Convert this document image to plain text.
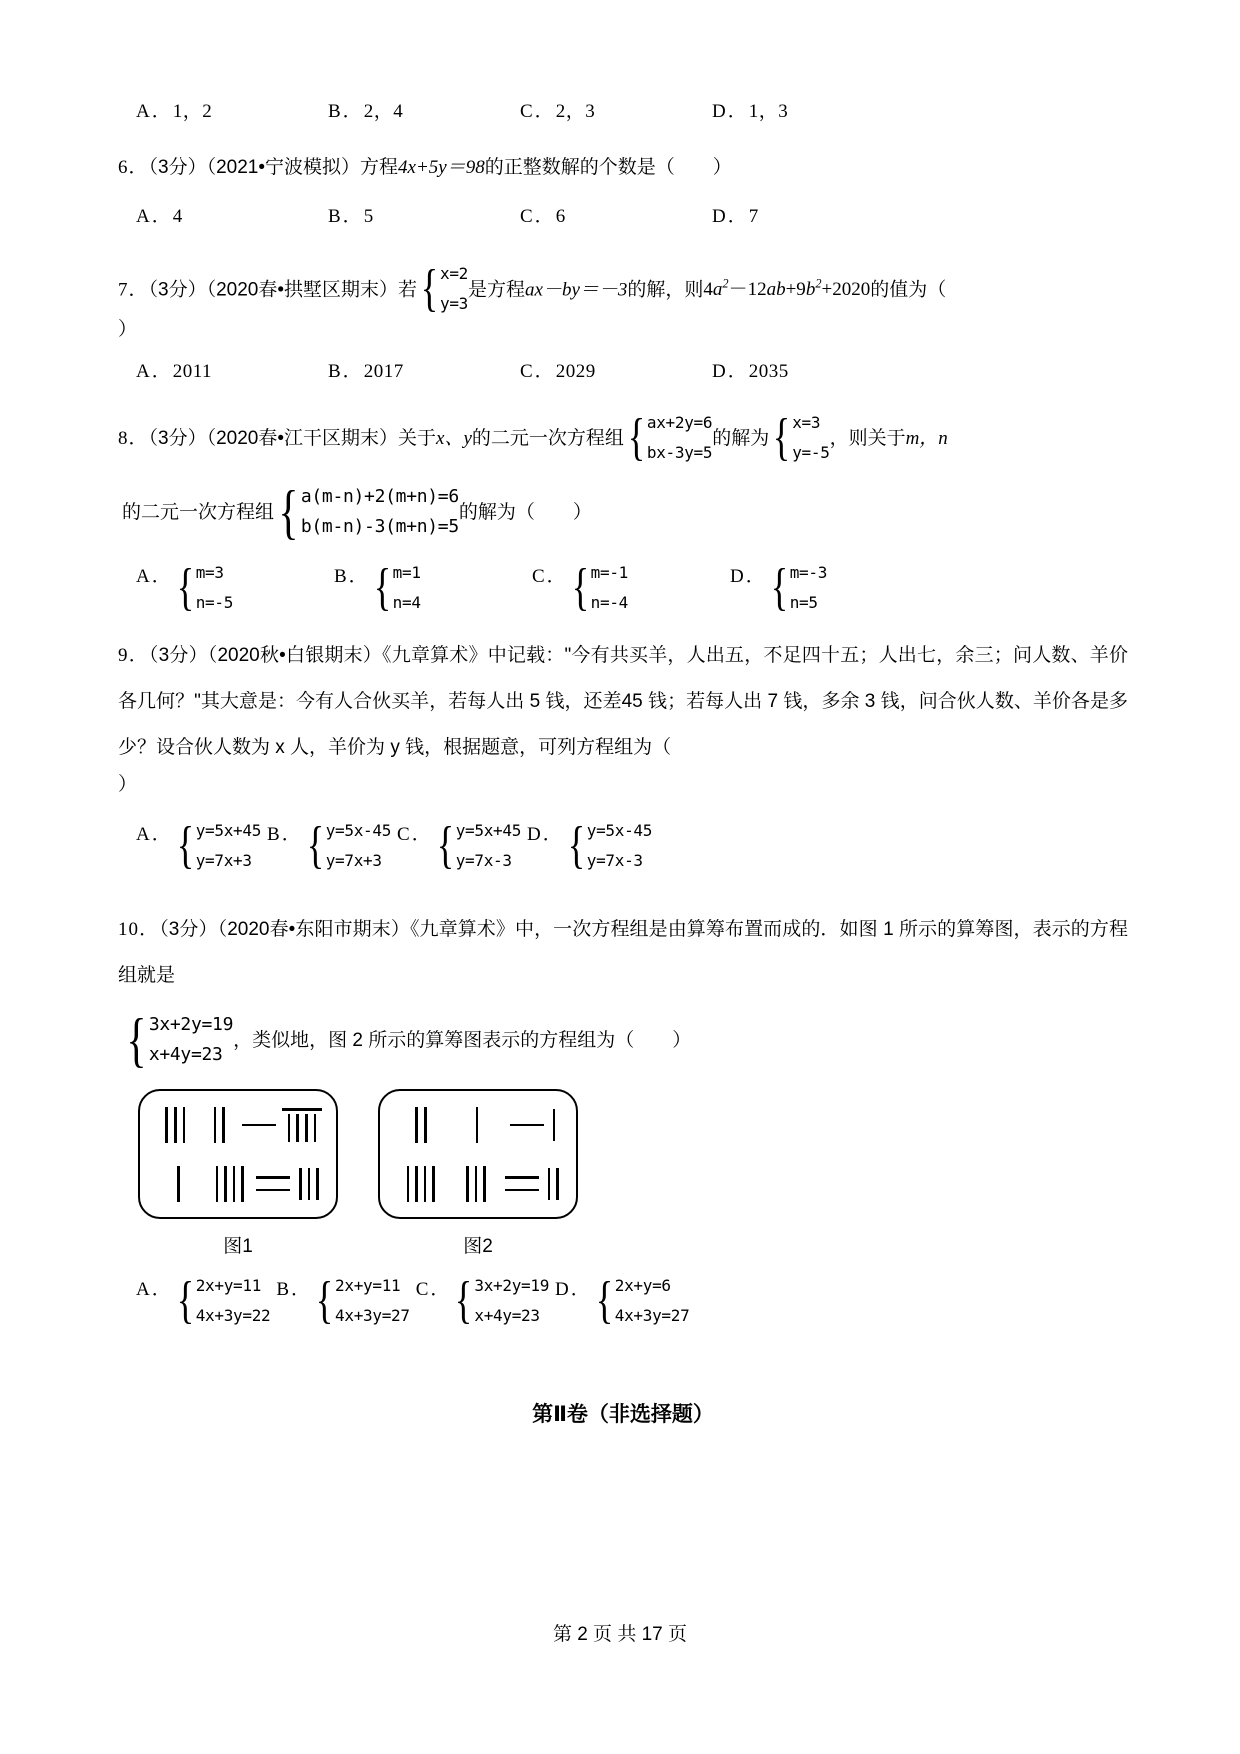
A．1，2	B．2，4	C．2，3	D．1，3
6．（3分）（2021•宁波模拟）方程4x+5y＝98的正整数解的个数是（　　）
A．4	B．5	C．6	D．7
7．（3分）（2020春•拱墅区期末）若 { x=2
y=3
是方程ax－by＝－3的解，则$4a^2-12ab+9b^2+2020$的值为（
）
A．2011	B．2017	C．2029	D．2035
8．（3分）（2020春•江干区期末）关于x、y的二元一次方程组 { ax+2y=6
bx-3y=5
的解为 { x=3
y=-5
，则关于m，n
的二元一次方程组 { a(m-n)+2(m+n)=6
b(m-n)-3(m+n)=5
的解为（　　）
A． { m=3
n=-5
B． { m=1
n=4
C． { m=-1
n=-4
D． { m=-3
n=5
9．（3分）（2020秋•白银期末）《九章算术》中记载："今有共买羊，人出五，不足四十五；人出七，余三；问人数、羊价各几何？"其大意是：今有人合伙买羊，若每人出 5 钱，还差45 钱；若每人出 7 钱，多余 3 钱，问合伙人数、羊价各是多少？设合伙人数为 x 人，羊价为 y 钱，根据题意，可列方程组为（
）
A． { y=5x+45
y=7x+3
B． { y=5x-45
y=7x+3
C． { y=5x+45
y=7x-3
D． { y=5x-45
y=7x-3
10．（3分）（2020春•东阳市期末）《九章算术》中，一次方程组是由算筹布置而成的．如图 1 所示的算筹图，表示的方程组就是
{ 3x+2y=19
x+4y=23
，类似地，图 2 所示的算筹图表示的方程组为（　　）
图1	图2
A． { 2x+y=11
4x+3y=22
B． { 2x+y=11
4x+3y=27
C． { 3x+2y=19
x+4y=23
D． { 2x+y=6
4x+3y=27
第Ⅱ卷（非选择题）
第 2 页 共 17 页
